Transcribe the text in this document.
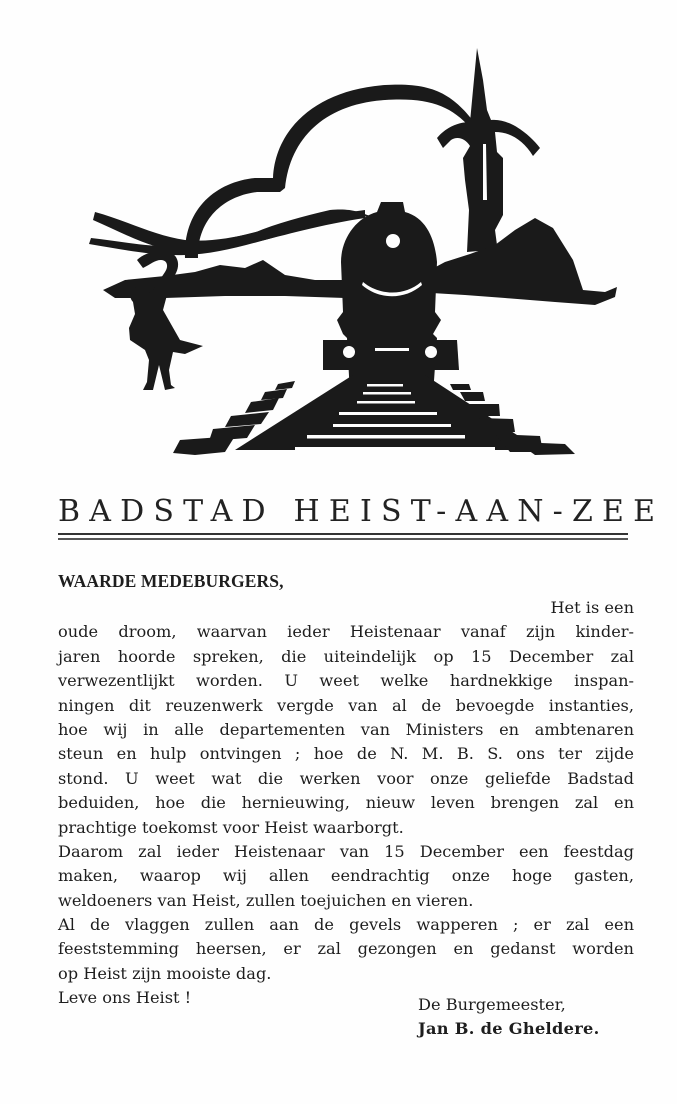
BADSTAD HEIST-AAN-ZEE
WAARDE MEDEBURGERS,
Het is een
oude droom, waarvan ieder Heistenaar vanaf zijn kinder-
jaren hoorde spreken, die uiteindelijk op 15 December zal
verwezentlijkt worden. U weet welke hardnekkige inspan-
ningen dit reuzenwerk vergde van al de bevoegde instanties,
hoe wij in alle departementen van Ministers en ambtenaren
steun en hulp ontvingen ; hoe de N. M. B. S. ons ter zijde
stond. U weet wat die werken voor onze geliefde Badstad
beduiden, hoe die hernieuwing, nieuw leven brengen zal en
prachtige toekomst voor Heist waarborgt.
Daarom zal ieder Heistenaar van 15 December een feestdag
maken, waarop wij allen eendrachtig onze hoge gasten,
weldoeners van Heist, zullen toejuichen en vieren.
Al de vlaggen zullen aan de gevels wapperen ; er zal een
feeststemming heersen, er zal gezongen en gedanst worden
op Heist zijn mooiste dag.
Leve ons Heist !	De Burgemeester,
Jan B. de Gheldere.
